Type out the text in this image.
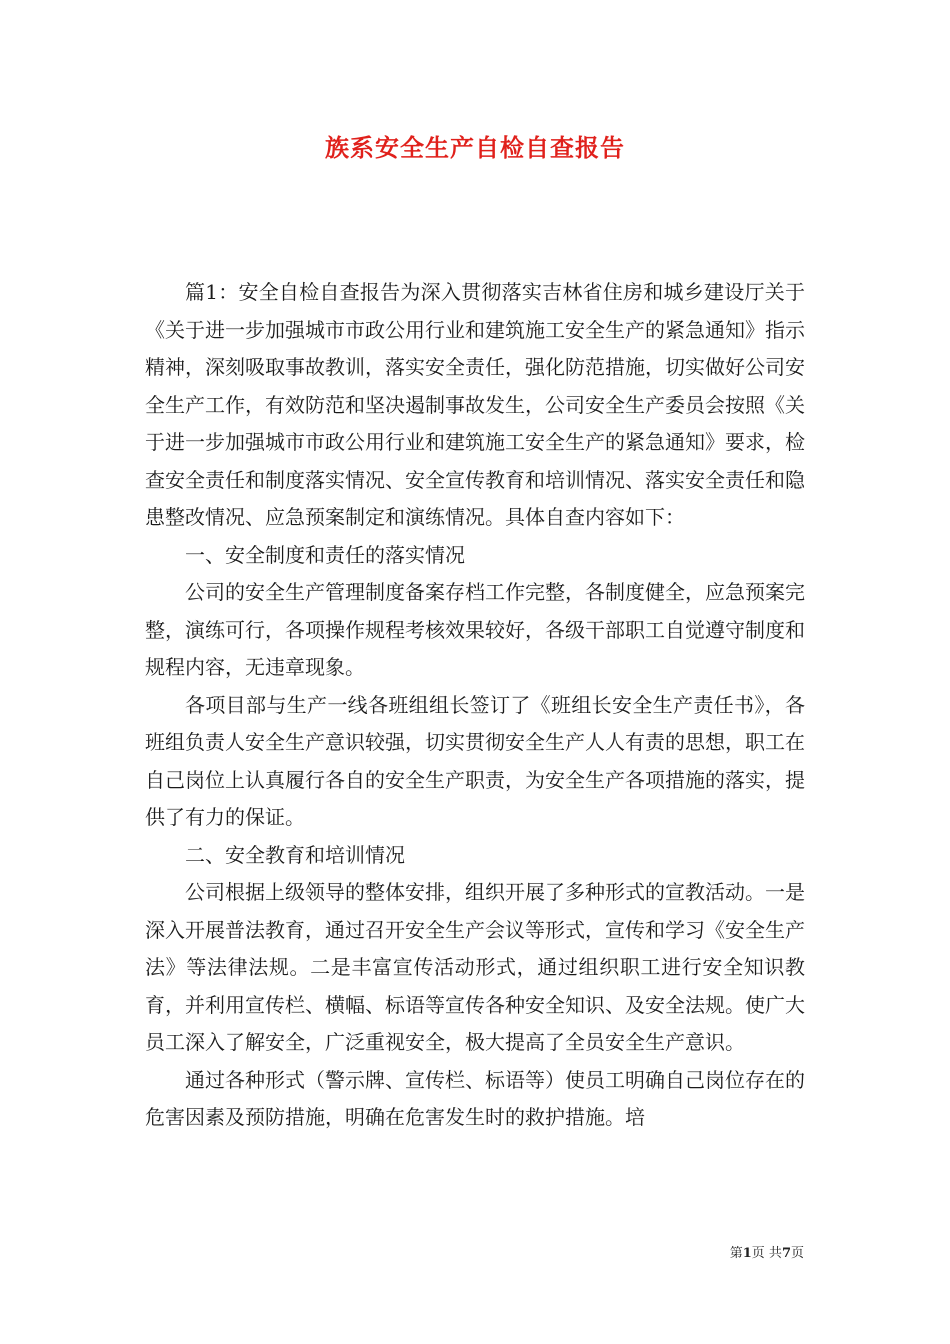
族系安全生产自检自查报告

篇1：安全自检自查报告为深入贯彻落实吉林省住房和城乡建设厅关于《关于进一步加强城市市政公用行业和建筑施工安全生产的紧急通知》指示精神，深刻吸取事故教训，落实安全责任，强化防范措施，切实做好公司安全生产工作，有效防范和坚决遏制事故发生，公司安全生产委员会按照《关于进一步加强城市市政公用行业和建筑施工安全生产的紧急通知》要求，检查安全责任和制度落实情况、安全宣传教育和培训情况、落实安全责任和隐患整改情况、应急预案制定和演练情况。具体自查内容如下：

一、安全制度和责任的落实情况

公司的安全生产管理制度备案存档工作完整，各制度健全，应急预案完整，演练可行，各项操作规程考核效果较好，各级干部职工自觉遵守制度和规程内容，无违章现象。

各项目部与生产一线各班组组长签订了《班组长安全生产责任书》，各班组负责人安全生产意识较强，切实贯彻安全生产人人有责的思想，职工在自己岗位上认真履行各自的安全生产职责，为安全生产各项措施的落实，提供了有力的保证。

二、安全教育和培训情况

公司根据上级领导的整体安排，组织开展了多种形式的宣教活动。一是深入开展普法教育，通过召开安全生产会议等形式，宣传和学习《安全生产法》等法律法规。二是丰富宣传活动形式，通过组织职工进行安全知识教育，并利用宣传栏、横幅、标语等宣传各种安全知识、及安全法规。使广大员工深入了解安全，广泛重视安全，极大提高了全员安全生产意识。

通过各种形式（警示牌、宣传栏、标语等）使员工明确自己岗位存在的危害因素及预防措施，明确在危害发生时的救护措施。培

第1页 共7页
